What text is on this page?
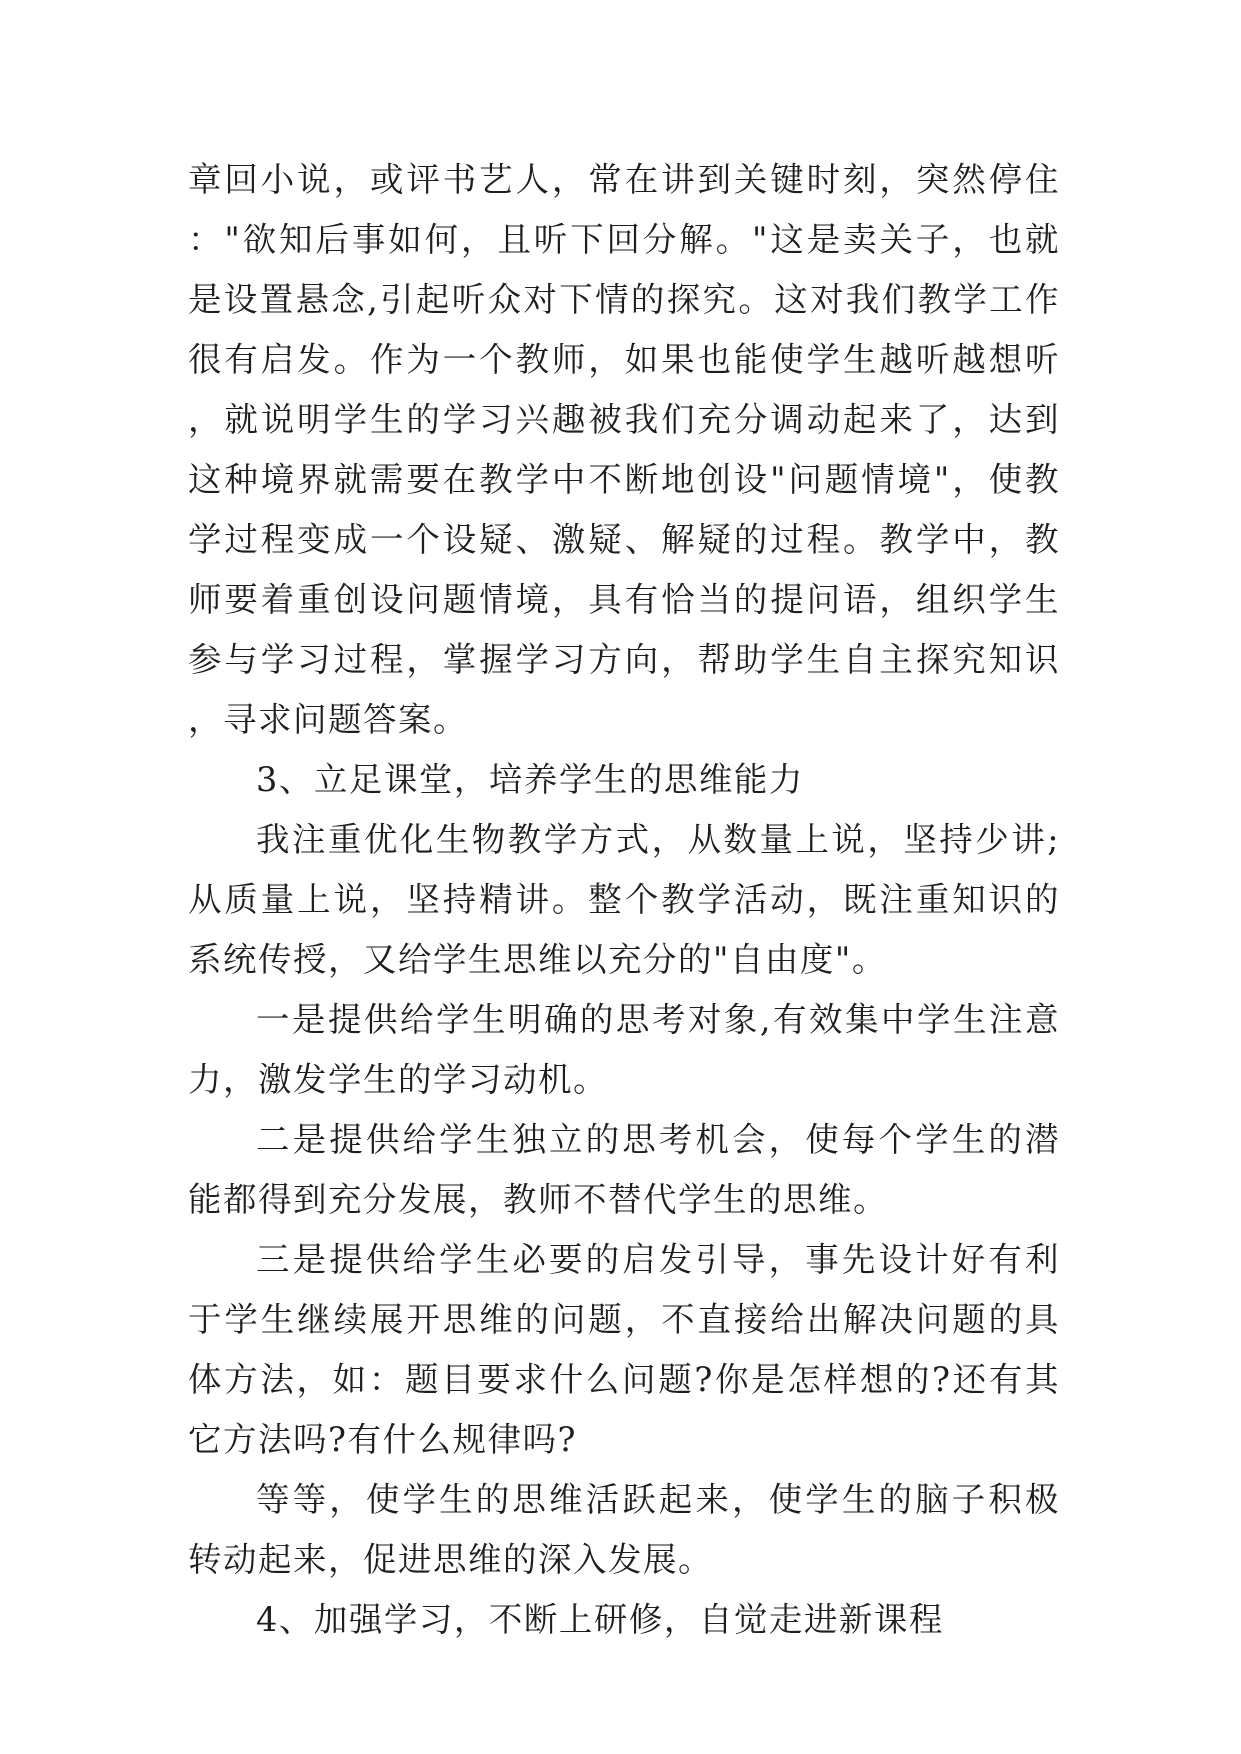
章回小说，或评书艺人，常在讲到关键时刻，突然停住："欲知后事如何，且听下回分解。"这是卖关子，也就是设置悬念,引起听众对下情的探究。这对我们教学工作很有启发。作为一个教师，如果也能使学生越听越想听，就说明学生的学习兴趣被我们充分调动起来了，达到这种境界就需要在教学中不断地创设"问题情境"，使教学过程变成一个设疑、激疑、解疑的过程。教学中，教师要着重创设问题情境，具有恰当的提问语，组织学生参与学习过程，掌握学习方向，帮助学生自主探究知识，寻求问题答案。

3、立足课堂，培养学生的思维能力

我注重优化生物教学方式，从数量上说，坚持少讲;从质量上说，坚持精讲。整个教学活动，既注重知识的系统传授，又给学生思维以充分的"自由度"。

一是提供给学生明确的思考对象,有效集中学生注意力，激发学生的学习动机。

二是提供给学生独立的思考机会，使每个学生的潜能都得到充分发展，教师不替代学生的思维。

三是提供给学生必要的启发引导，事先设计好有利于学生继续展开思维的问题，不直接给出解决问题的具体方法，如：题目要求什么问题?你是怎样想的?还有其它方法吗?有什么规律吗?

等等，使学生的思维活跃起来，使学生的脑子积极转动起来，促进思维的深入发展。

4、加强学习，不断上研修，自觉走进新课程
